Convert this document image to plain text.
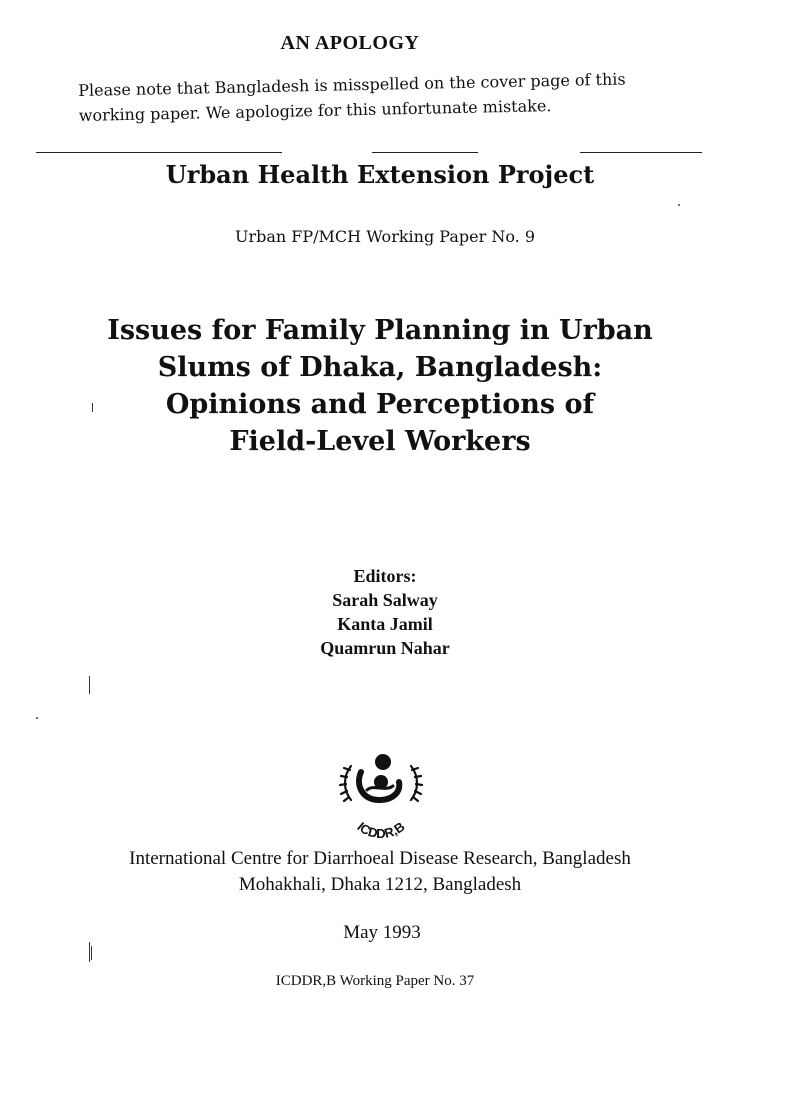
AN APOLOGY
Please note that Bangladesh is misspelled on the cover page of this
working paper. We apologize for this unfortunate mistake.
Urban Health Extension Project
Urban FP/MCH Working Paper No. 9
Issues for Family Planning in Urban
Slums of Dhaka, Bangladesh:
Opinions and Perceptions of
Field-Level Workers
Editors:
Sarah Salway
Kanta Jamil
Quamrun Nahar
ICDDR,B
International Centre for Diarrhoeal Disease Research, Bangladesh
Mohakhali, Dhaka 1212, Bangladesh
May 1993
ICDDR,B Working Paper No. 37
